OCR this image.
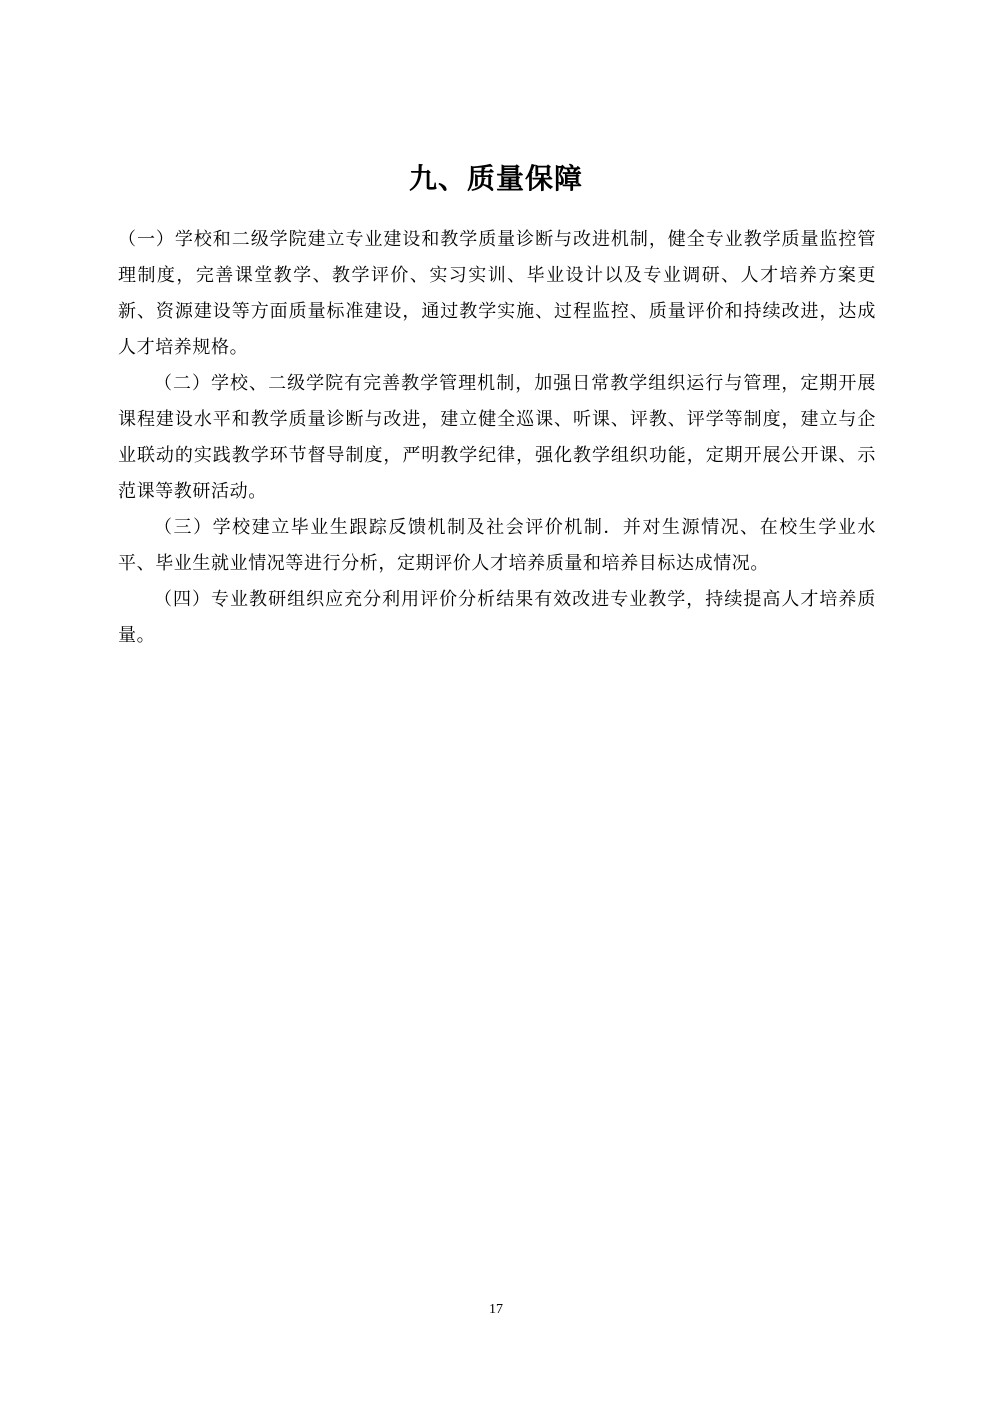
九、质量保障

（一）学校和二级学院建立专业建设和教学质量诊断与改进机制，健全专业教学质量监控管理制度，完善课堂教学、教学评价、实习实训、毕业设计以及专业调研、人才培养方案更新、资源建设等方面质量标准建设，通过教学实施、过程监控、质量评价和持续改进，达成人才培养规格。

（二）学校、二级学院有完善教学管理机制，加强日常教学组织运行与管理，定期开展课程建设水平和教学质量诊断与改进，建立健全巡课、听课、评教、评学等制度，建立与企业联动的实践教学环节督导制度，严明教学纪律，强化教学组织功能，定期开展公开课、示范课等教研活动。

（三）学校建立毕业生跟踪反馈机制及社会评价机制．并对生源情况、在校生学业水平、毕业生就业情况等进行分析，定期评价人才培养质量和培养目标达成情况。

（四）专业教研组织应充分利用评价分析结果有效改进专业教学，持续提高人才培养质量。

17
